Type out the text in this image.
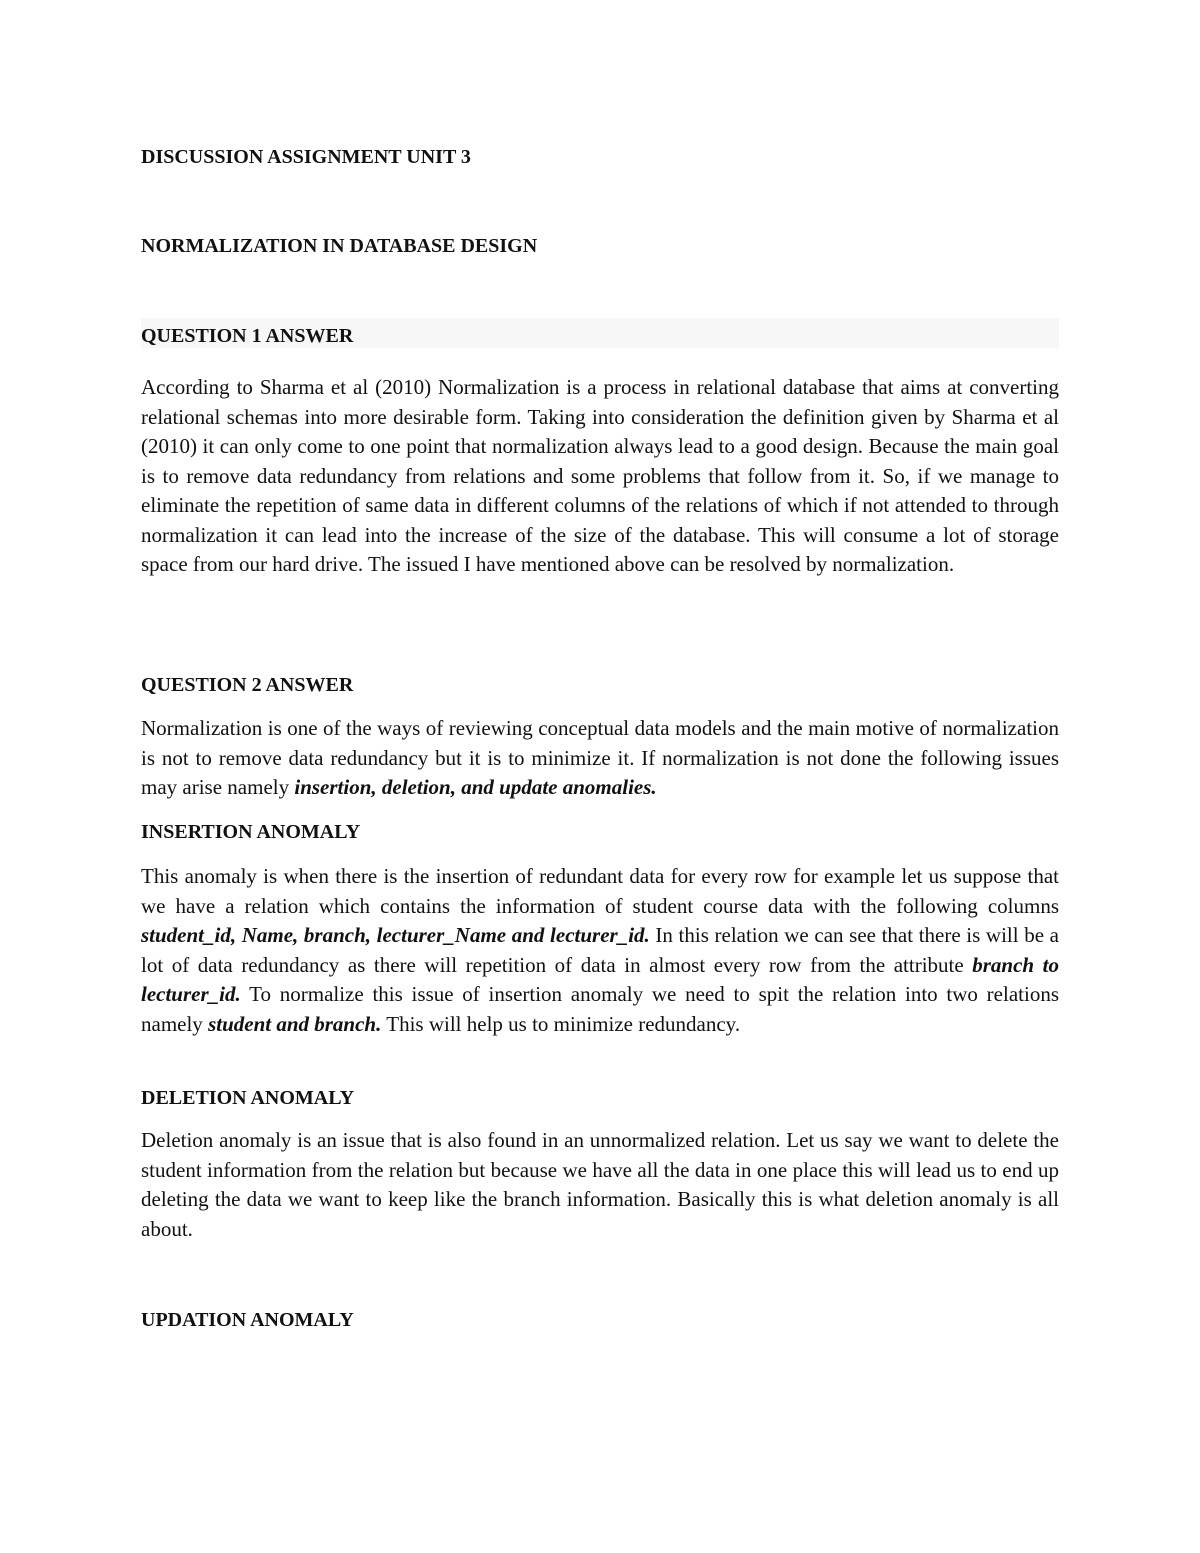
DISCUSSION ASSIGNMENT UNIT 3
NORMALIZATION IN DATABASE DESIGN
QUESTION 1 ANSWER
According to Sharma et al (2010) Normalization is a process in relational database that aims at converting relational schemas into more desirable form. Taking into consideration the definition given by Sharma et al (2010) it can only come to one point that normalization always lead to a good design. Because the main goal is to remove data redundancy from relations and some problems that follow from it. So, if we manage to eliminate the repetition of same data in different columns of the relations of which if not attended to through normalization it can lead into the increase of the size of the database. This will consume a lot of storage space from our hard drive. The issued I have mentioned above can be resolved by normalization.
QUESTION 2 ANSWER
Normalization is one of the ways of reviewing conceptual data models and the main motive of normalization is not to remove data redundancy but it is to minimize it. If normalization is not done the following issues may arise namely insertion, deletion, and update anomalies.
INSERTION ANOMALY
This anomaly is when there is the insertion of redundant data for every row for example let us suppose that we have a relation which contains the information of student course data with the following columns student_id, Name, branch, lecturer_Name and lecturer_id. In this relation we can see that there is will be a lot of data redundancy as there will repetition of data in almost every row from the attribute branch to lecturer_id. To normalize this issue of insertion anomaly we need to spit the relation into two relations namely student and branch. This will help us to minimize redundancy.
DELETION ANOMALY
Deletion anomaly is an issue that is also found in an unnormalized relation. Let us say we want to delete the student information from the relation but because we have all the data in one place this will lead us to end up deleting the data we want to keep like the branch information. Basically this is what deletion anomaly is all about.
UPDATION ANOMALY
